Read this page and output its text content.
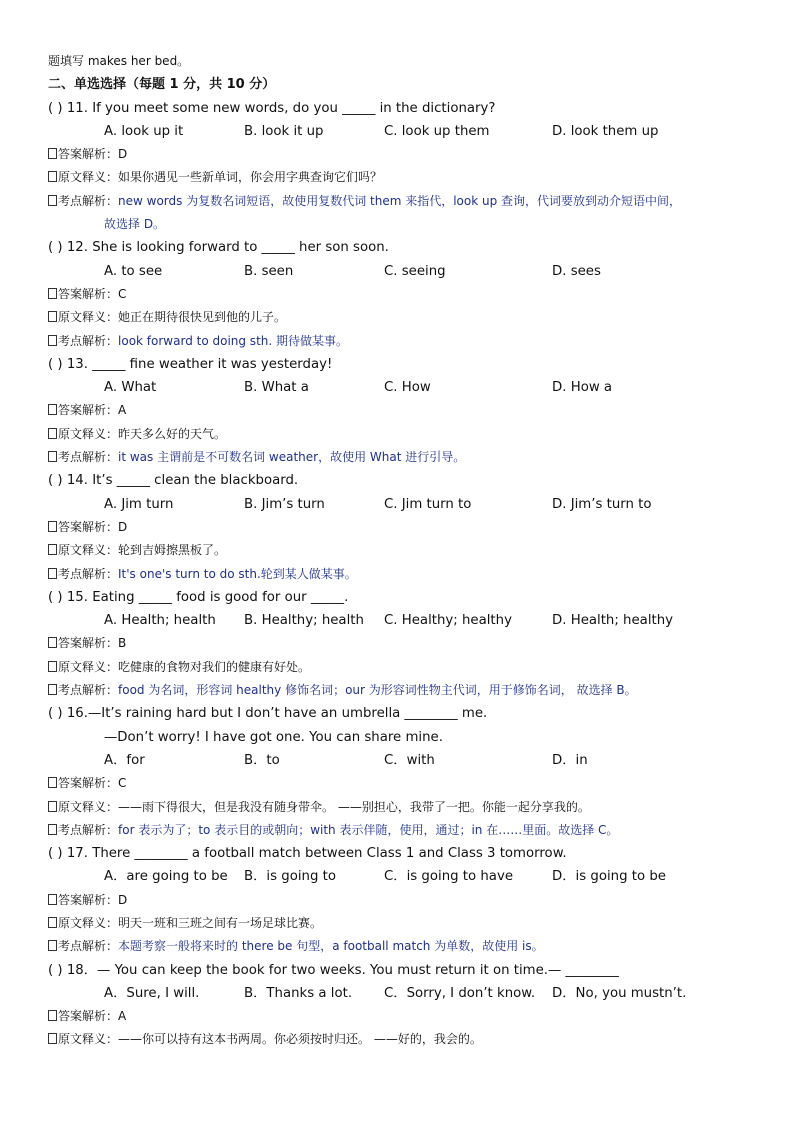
题填写 makes her bed。
二、单选选择（每题 1 分，共 10 分）
( ) 11. If you meet some new words, do you _____ in the dictionary?
A. look up it	B. look it up	C. look up them	D. look them up
答案解析：D
原文释义：如果你遇见一些新单词，你会用字典查询它们吗？
考点解析：new words 为复数名词短语，故使用复数代词 them 来指代，look up 查询，代词要放到动介短语中间，
故选择 D。
( ) 12. She is looking forward to _____ her son soon.
A. to see	B. seen	C. seeing	D. sees
答案解析：C
原文释义：她正在期待很快见到他的儿子。
考点解析：look forward to doing sth. 期待做某事。
( ) 13. _____ fine weather it was yesterday!
A. What	B. What a	C. How	D. How a
答案解析：A
原文释义：昨天多么好的天气。
考点解析：it was 主谓前是不可数名词 weather，故使用 What 进行引导。
( ) 14. It’s _____ clean the blackboard.
A. Jim turn	B. Jim’s turn	C. Jim turn to	D. Jim’s turn to
答案解析：D
原文释义：轮到吉姆擦黑板了。
考点解析：It's one's turn to do sth.轮到某人做某事。
( ) 15. Eating _____ food is good for our _____.
A. Health; health B. Healthy; health C. Healthy; healthy	D. Health; healthy
答案解析：B
原文释义：吃健康的食物对我们的健康有好处。
考点解析：food 为名词，形容词 healthy 修饰名词；our 为形容词性物主代词，用于修饰名词， 故选择 B。
( ) 16.—It’s raining hard but I don’t have an umbrella ________ me.
—Don’t worry! I have got one. You can share mine.
A．for	B．to	C．with	D．in
答案解析：C
原文释义：——雨下得很大，但是我没有随身带伞。 ——别担心，我带了一把。你能一起分享我的。
考点解析：for 表示为了；to 表示目的或朝向；with 表示伴随，使用，通过；in 在……里面。故选择 C。
( ) 17. There ________ a football match between Class 1 and Class 3 tomorrow.
A．are going to be B．is going to	C．is going to have	D．is going to be
答案解析：D
原文释义：明天一班和三班之间有一场足球比赛。
考点解析：本题考察一般将来时的 there be 句型，a football match 为单数，故使用 is。
( ) 18．— You can keep the book for two weeks. You must return it on time.— ________
A．Sure, I will.	B．Thanks a lot. C．Sorry, I don’t know. D．No, you mustn’t.
答案解析：A
原文释义：——你可以持有这本书两周。你必须按时归还。 ——好的，我会的。
